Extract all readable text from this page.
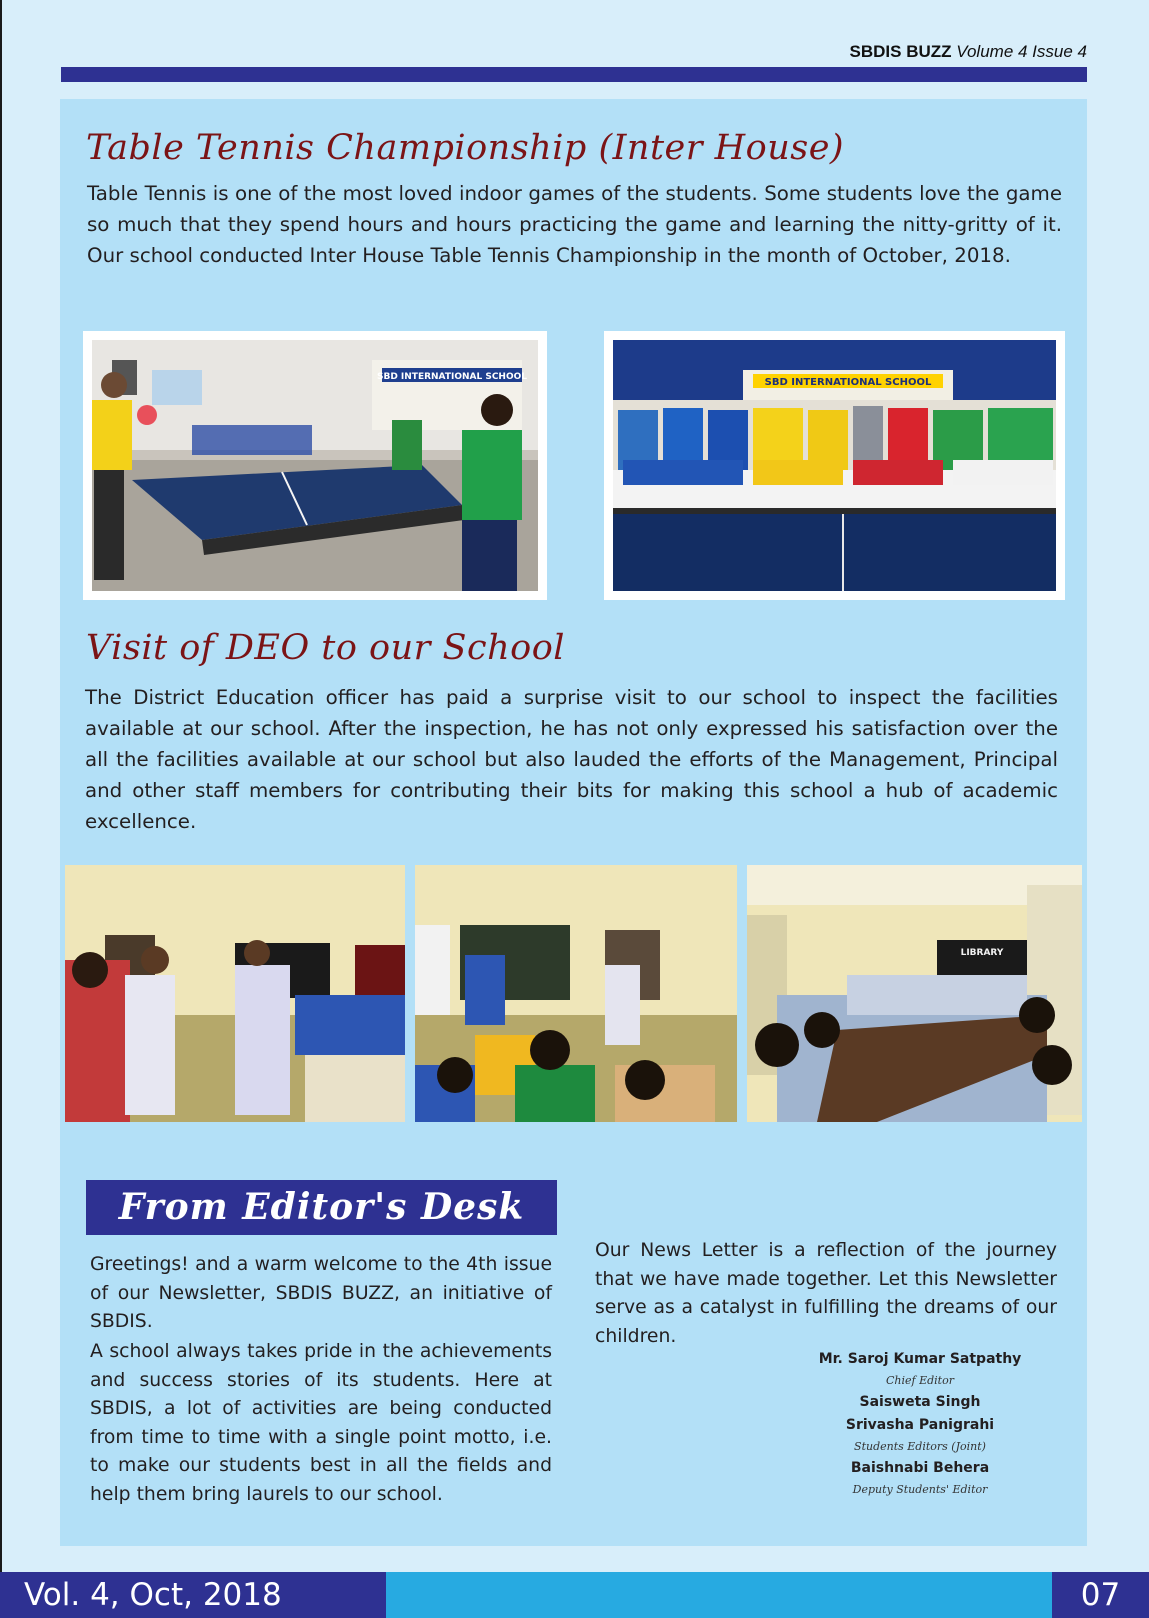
SBDIS BUZZ Volume 4 Issue 4
Table Tennis Championship (Inter House)

Table Tennis is one of the most loved indoor games of the students. Some students love the game so much that they spend hours and hours practicing the game and learning the nitty-gritty of it. Our school conducted Inter House Table Tennis Championship in the month of October, 2018.

SBD INTERNATIONAL SCHOOL	SBD INTERNATIONAL SCHOOL
Visit of DEO to our School

The District Education officer has paid a surprise visit to our school to inspect the facilities available at our school. After the inspection, he has not only expressed his satisfaction over the all the facilities available at our school but also lauded the efforts of the Management, Principal and other staff members for contributing their bits for making this school a hub of academic excellence.

LIBRARY
From Editor's Desk

Greetings! and a warm welcome to the 4th issue of our Newsletter, SBDIS BUZZ, an initiative of SBDIS.

A school always takes pride in the achievements and success stories of its students. Here at SBDIS, a lot of activities are being conducted from time to time with a single point motto, i.e. to make our students best in all the fields and help them bring laurels to our school.

Our News Letter is a reflection of the journey that we have made together. Let this Newsletter serve as a catalyst in fulfilling the dreams of our children.

Mr. Saroj Kumar Satpathy
Chief Editor
Saisweta Singh
Srivasha Panigrahi
Students Editors (Joint)
Baishnabi Behera
Deputy Students' Editor
Vol. 4, Oct, 2018	07
